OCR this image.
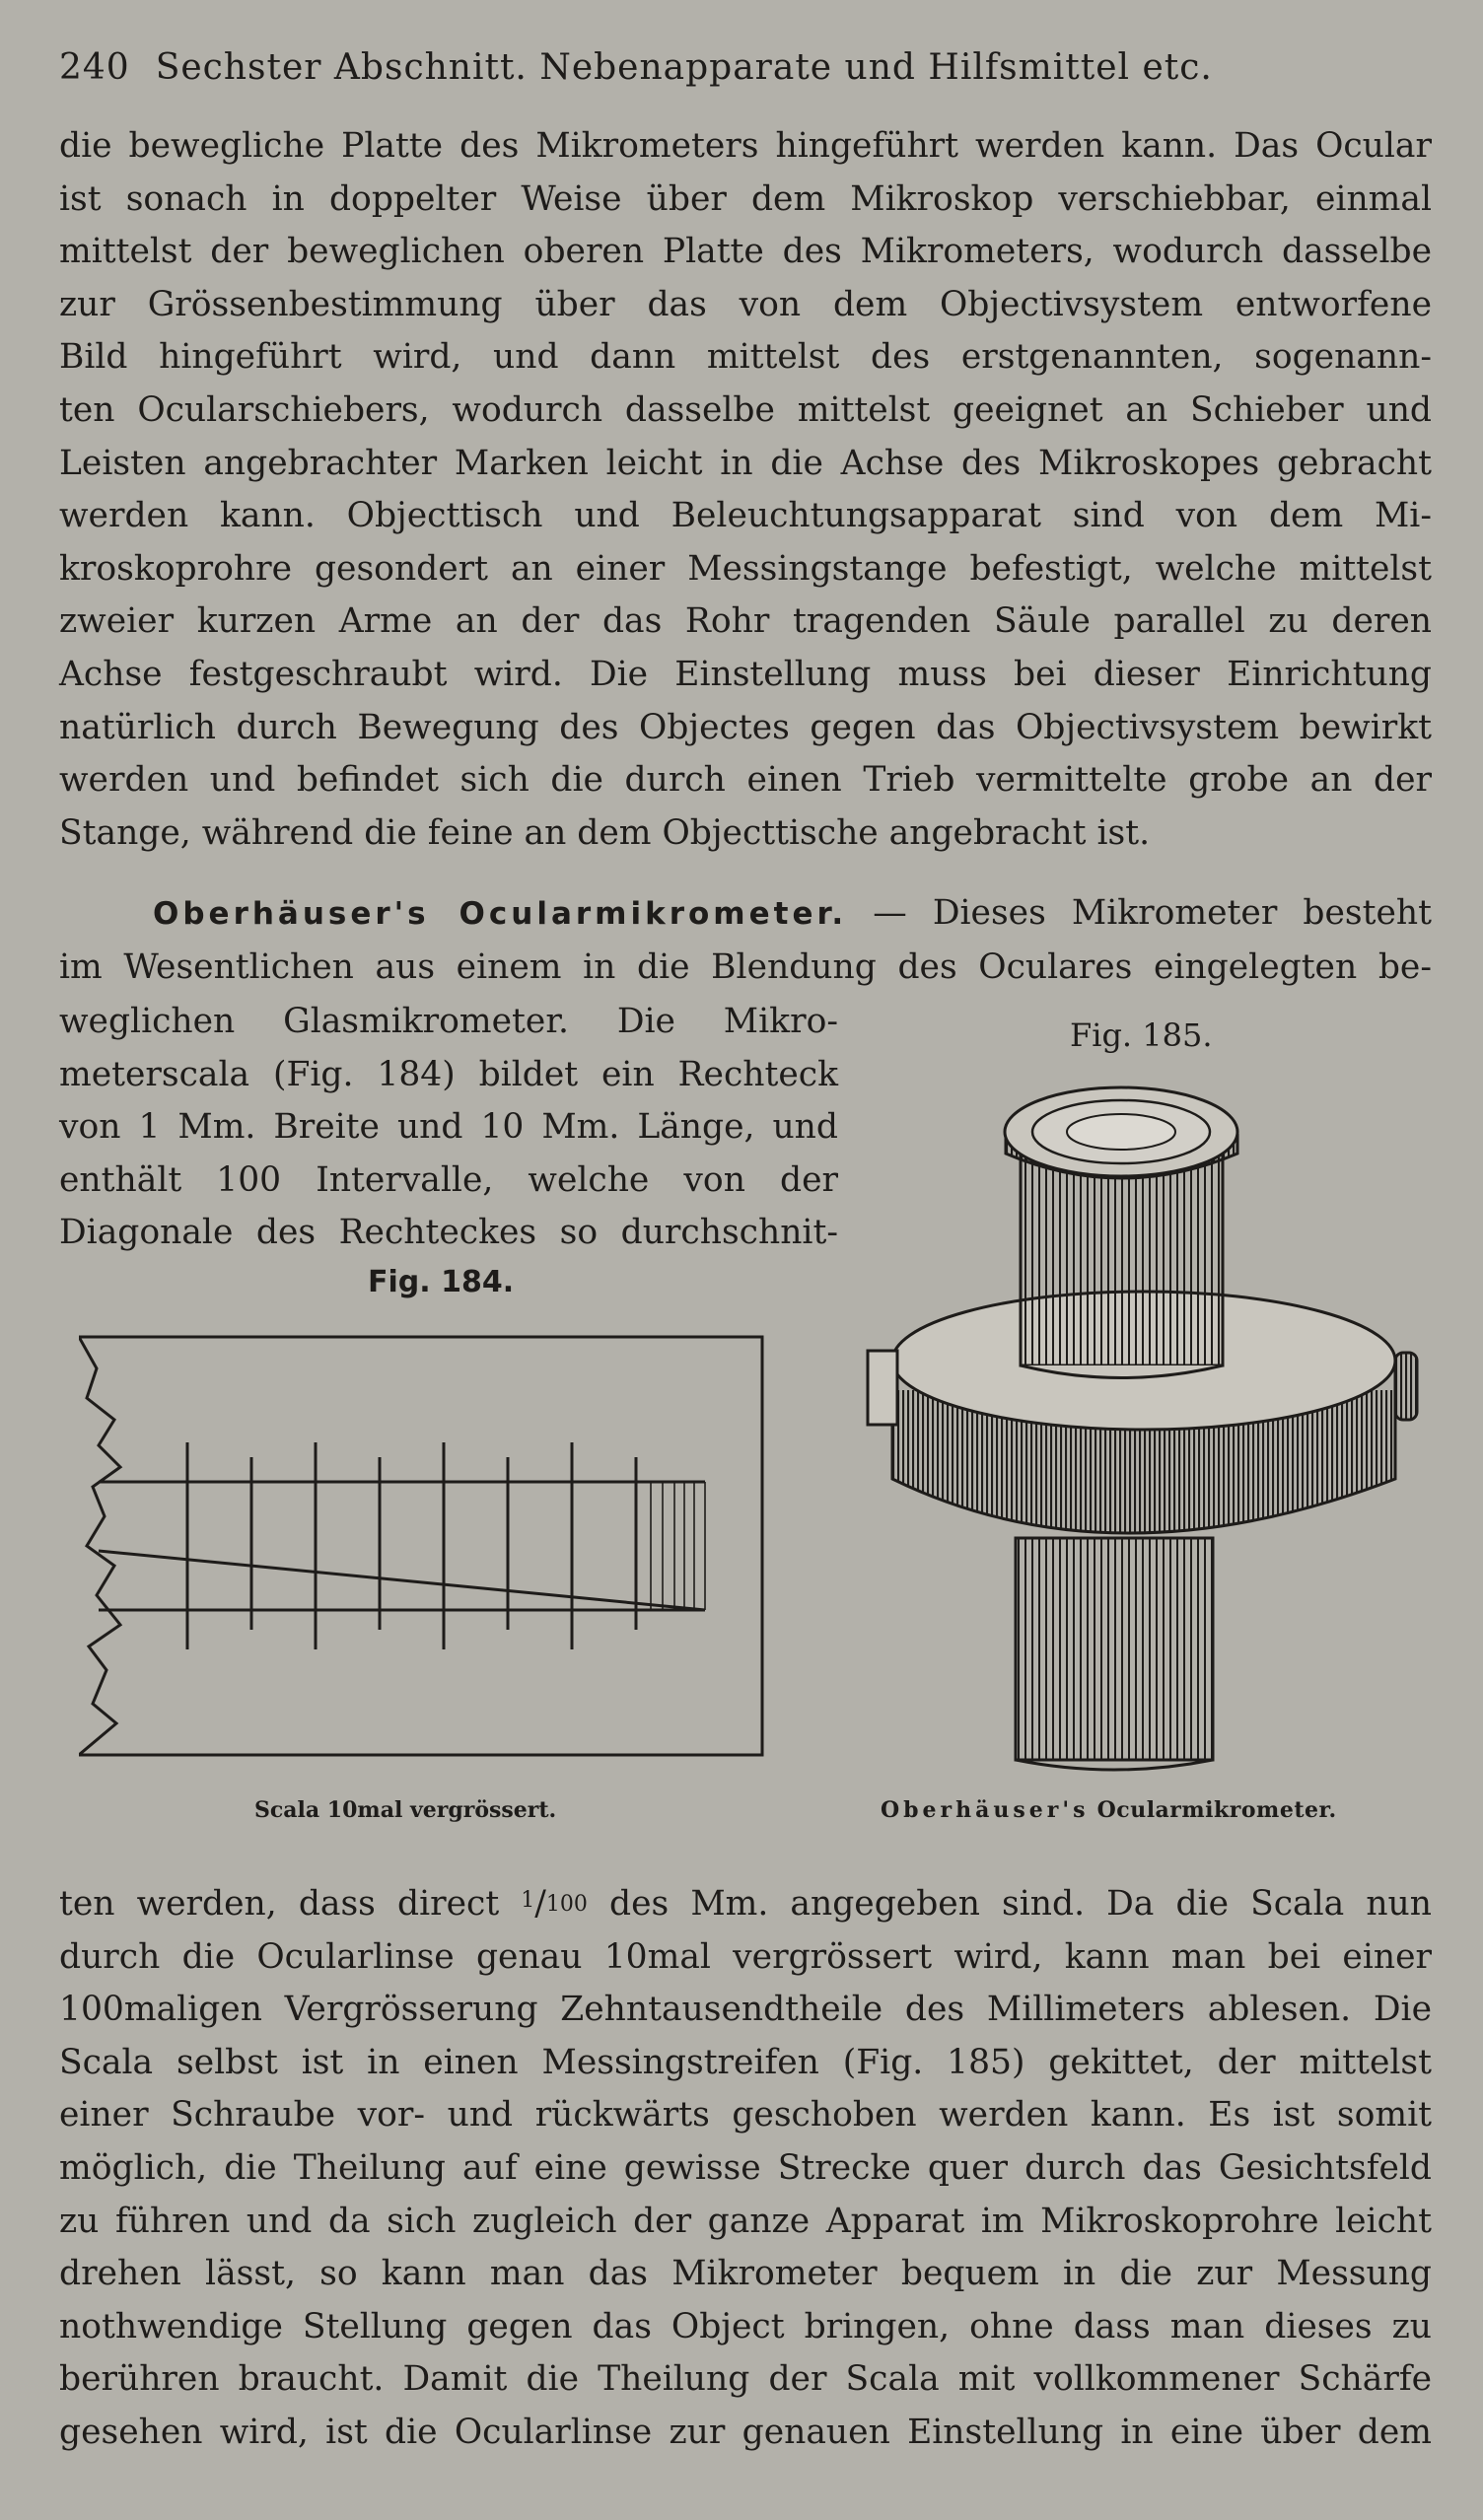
240 Sechster Abschnitt. Nebenapparate und Hilfsmittel etc.
die bewegliche Platte des Mikrometers hingeführt werden kann. Das Ocular
ist sonach in doppelter Weise über dem Mikroskop verschiebbar, einmal
mittelst der beweglichen oberen Platte des Mikrometers, wodurch dasselbe
zur Grössenbestimmung über das von dem Objectivsystem entworfene
Bild hingeführt wird, und dann mittelst des erstgenannten, sogenann-
ten Ocularschiebers, wodurch dasselbe mittelst geeignet an Schieber und
Leisten angebrachter Marken leicht in die Achse des Mikroskopes gebracht
werden kann. Objecttisch und Beleuchtungsapparat sind von dem Mi-
kroskoprohre gesondert an einer Messingstange befestigt, welche mittelst
zweier kurzen Arme an der das Rohr tragenden Säule parallel zu deren
Achse festgeschraubt wird. Die Einstellung muss bei dieser Einrichtung
natürlich durch Bewegung des Objectes gegen das Objectivsystem bewirkt
werden und befindet sich die durch einen Trieb vermittelte grobe an der
Stange, während die feine an dem Objecttische angebracht ist.
Oberhäuser's Ocularmikrometer. — Dieses Mikrometer besteht
im Wesentlichen aus einem in die Blendung des Oculares eingelegten be-
weglichen Glasmikrometer. Die Mikro-
meterscala (Fig. 184) bildet ein Rechteck
von 1 Mm. Breite und 10 Mm. Länge, und
enthält 100 Intervalle, welche von der
Diagonale des Rechteckes so durchschnit-
Fig. 184.
Fig. 185.
Scala 10mal vergrössert.	Oberhäuser's Ocularmikrometer.
ten werden, dass direct $^1$/100 des Mm. angegeben sind. Da die Scala nun
durch die Ocularlinse genau 10mal vergrössert wird, kann man bei einer
100maligen Vergrösserung Zehntausendtheile des Millimeters ablesen. Die
Scala selbst ist in einen Messingstreifen (Fig. 185) gekittet, der mittelst
einer Schraube vor- und rückwärts geschoben werden kann. Es ist somit
möglich, die Theilung auf eine gewisse Strecke quer durch das Gesichtsfeld
zu führen und da sich zugleich der ganze Apparat im Mikroskoprohre leicht
drehen lässt, so kann man das Mikrometer bequem in die zur Messung
nothwendige Stellung gegen das Object bringen, ohne dass man dieses zu
berühren braucht. Damit die Theilung der Scala mit vollkommener Schärfe
gesehen wird, ist die Ocularlinse zur genauen Einstellung in eine über dem
